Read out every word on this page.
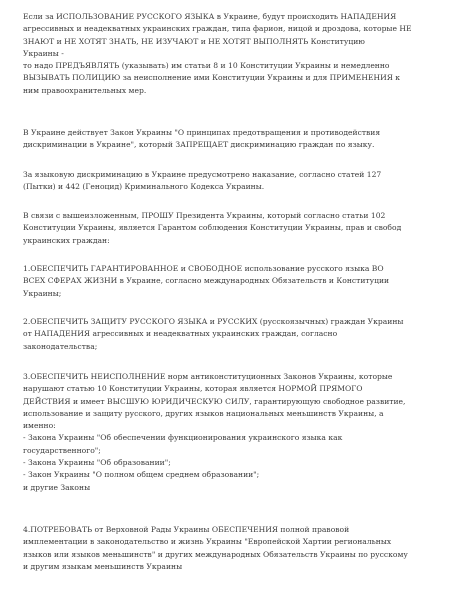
Если за ИСПОЛЬЗОВАНИЕ РУССКОГО ЯЗЫКА в Украине, будут происходить НАПАДЕНИЯ
агрессивных и неадекватных украинских граждан, типа фарион, ницой и дроздова, которые НЕ
ЗНАЮТ и НЕ ХОТЯТ ЗНАТЬ, НЕ ИЗУЧАЮТ и НЕ ХОТЯТ ВЫПОЛНЯТЬ Конституцию
Украины -
то надо ПРЕДЪЯВЛЯТЬ (указывать) им статьи 8 и 10 Конституции Украины и немедленно
ВЫЗЫВАТЬ ПОЛИЦИЮ за неисполнение ими Конституции Украины и для ПРИМЕНЕНИЯ к
ним правоохранительных мер.
В Украине действует Закон Украины "О принципах предотвращения и противодействия
дискриминации в Украине", который ЗАПРЕЩАЕТ дискриминацию граждан по языку.
За языковую дискриминацию в Украине предусмотрено наказание, согласно статей 127
(Пытки) и 442 (Геноцид) Криминального Кодекса Украины.
В связи с вышеизложенным, ПРОШУ Президента Украины, который согласно статьи 102
Конституции Украины, является Гарантом соблюдения Конституции Украины, прав и свобод
украинских граждан:
1.ОБЕСПЕЧИТЬ ГАРАНТИРОВАННОЕ и СВОБОДНОЕ использование русского языка ВО
ВСЕХ СФЕРАХ ЖИЗНИ в Украине, согласно международных Обязательств и Конституции
Украины;
2.ОБЕСПЕЧИТЬ ЗАЩИТУ РУССКОГО ЯЗЫКА и РУССКИХ (русскоязычных) граждан Украины
от НАПАДЕНИЯ агрессивных и неадекватных украинских граждан, согласно
законодательства;
3.ОБЕСПЕЧИТЬ НЕИСПОЛНЕНИЕ норм антиконституционных Законов Украины, которые
нарушают статью 10 Конституции Украины, которая является НОРМОЙ ПРЯМОГО
ДЕЙСТВИЯ и имеет ВЫСШУЮ ЮРИДИЧЕСКУЮ СИЛУ, гарантирующую свободное развитие,
использование и защиту русского, других языков национальных меньшинств Украины, а
именно:
- Закона Украины "Об обеспечении функционирования украинского языка как
государственного";
- Закона Украины "Об образовании";
- Закон Украины "О полном общем среднем образовании";
и другие Законы
4.ПОТРЕБОВАТЬ от Верховной Рады Украины ОБЕСПЕЧЕНИЯ полной правовой
имплементации в законодательство и жизнь Украины "Европейской Хартии региональных
языков или языков меньшинств" и других международных Обязательств Украины по русскому
и другим языкам меньшинств Украины
